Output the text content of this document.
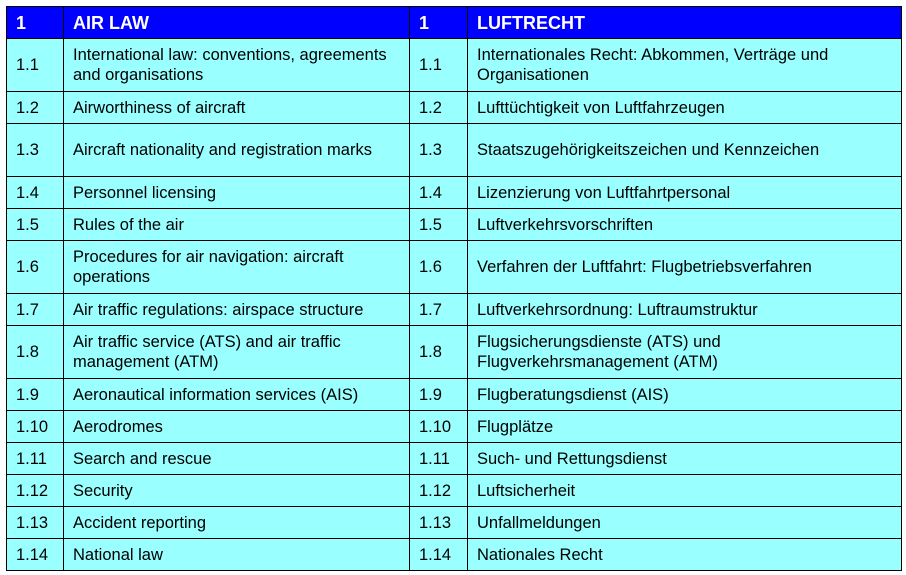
1	AIR LAW	1	LUFTRECHT
1.1	International law: conventions, agreements and organisations	1.1	Internationales Recht: Abkommen, Verträge und Organisationen
1.2	Airworthiness of aircraft	1.2	Lufttüchtigkeit von Luftfahrzeugen
1.3	Aircraft nationality and registration marks	1.3	Staatszugehörigkeitszeichen und Kennzeichen
1.4	Personnel licensing	1.4	Lizenzierung von Luftfahrtpersonal
1.5	Rules of the air	1.5	Luftverkehrsvorschriften
1.6	Procedures for air navigation: aircraft operations	1.6	Verfahren der Luftfahrt: Flugbetriebsverfahren
1.7	Air traffic regulations: airspace structure	1.7	Luftverkehrsordnung: Luftraumstruktur
1.8	Air traffic service (ATS) and air traffic management (ATM)	1.8	Flugsicherungsdienste (ATS) und Flugverkehrsmanagement (ATM)
1.9	Aeronautical information services (AIS)	1.9	Flugberatungsdienst (AIS)
1.10	Aerodromes	1.10	Flugplätze
1.11	Search and rescue	1.11	Such- und Rettungsdienst
1.12	Security	1.12	Luftsicherheit
1.13	Accident reporting	1.13	Unfallmeldungen
1.14	National law	1.14	Nationales Recht
